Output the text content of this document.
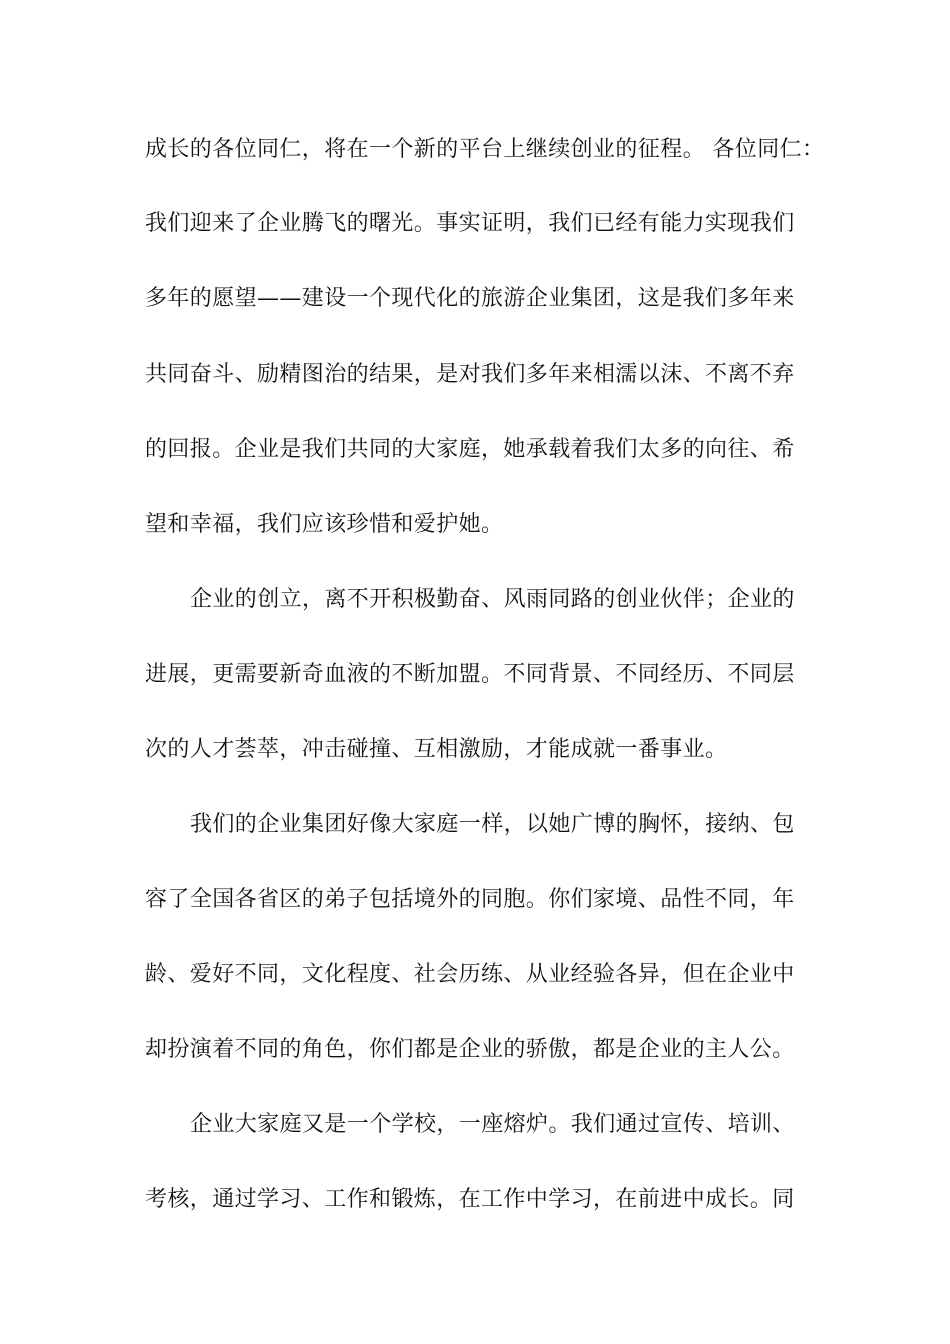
成长的各位同仁，将在一个新的平台上继续创业的征程。 各位同仁：
我们迎来了企业腾飞的曙光。事实证明，我们已经有能力实现我们
多年的愿望——建设一个现代化的旅游企业集团，这是我们多年来
共同奋斗、励精图治的结果，是对我们多年来相濡以沫、不离不弃
的回报。企业是我们共同的大家庭，她承载着我们太多的向往、希
望和幸福，我们应该珍惜和爱护她。
企业的创立，离不开积极勤奋、风雨同路的创业伙伴；企业的
进展，更需要新奇血液的不断加盟。不同背景、不同经历、不同层
次的人才荟萃，冲击碰撞、互相激励，才能成就一番事业。
我们的企业集团好像大家庭一样，以她广博的胸怀，接纳、包
容了全国各省区的弟子包括境外的同胞。你们家境、品性不同，年
龄、爱好不同，文化程度、社会历练、从业经验各异，但在企业中
却扮演着不同的角色，你们都是企业的骄傲，都是企业的主人公。
企业大家庭又是一个学校，一座熔炉。我们通过宣传、培训、
考核，通过学习、工作和锻炼，在工作中学习，在前进中成长。同
